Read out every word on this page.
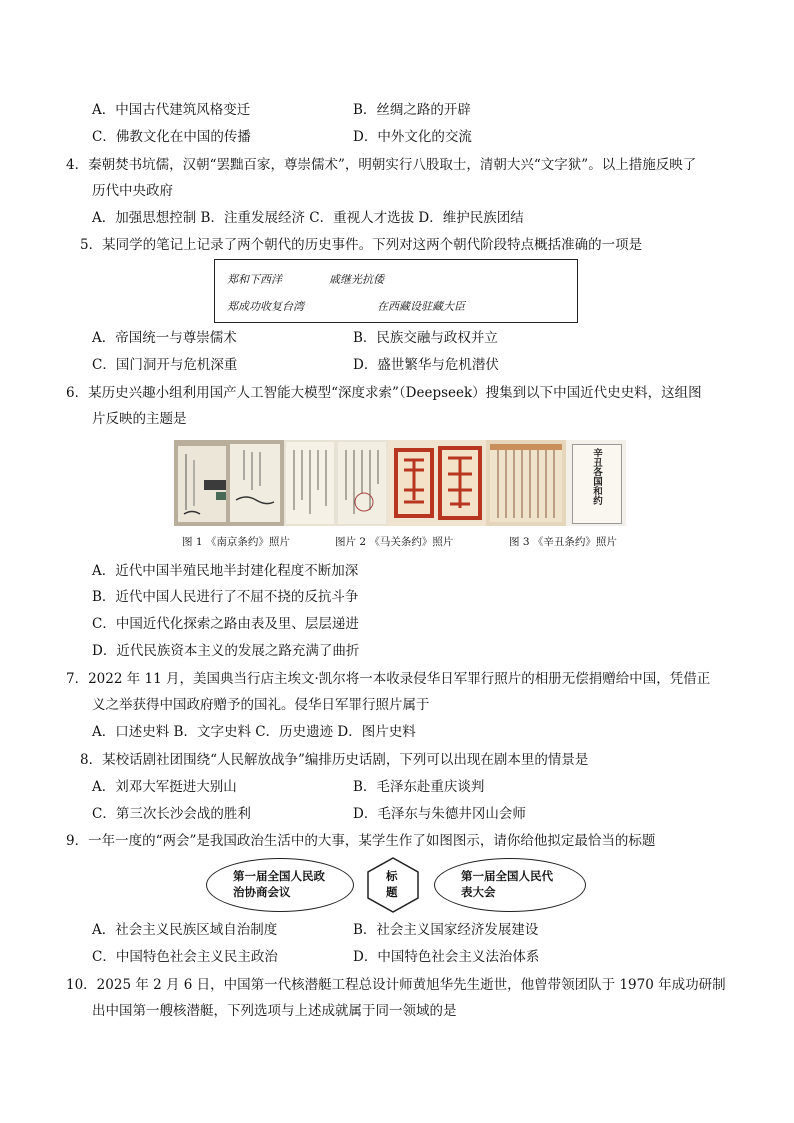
A．中国古代建筑风格变迁	B．丝绸之路的开辟
C．佛教文化在中国的传播	D．中外文化的交流
4．秦朝焚书坑儒，汉朝“罢黜百家，尊崇儒术”，明朝实行八股取士，清朝大兴“文字狱”。以上措施反映了
历代中央政府
A．加强思想控制 B．注重发展经济 C．重视人才选拔 D．维护民族团结
5．某同学的笔记上记录了两个朝代的历史事件。下列对这两个朝代阶段特点概括准确的一项是
郑和下西洋	戚继光抗倭
郑成功收复台湾	在西藏设驻藏大臣
A．帝国统一与尊崇儒术	B．民族交融与政权并立
C．国门洞开与危机深重	D．盛世繁华与危机潜伏
6．某历史兴趣小组利用国产人工智能大模型“深度求索”（Deepseek）搜集到以下中国近代史史料，这组图
片反映的主题是
辛丑各国和约
图 1 《南京条约》照片	图片 2 《马关条约》照片	图 3 《辛丑条约》照片
A．近代中国半殖民地半封建化程度不断加深
B．近代中国人民进行了不屈不挠的反抗斗争
C．中国近代化探索之路由表及里、层层递进
D．近代民族资本主义的发展之路充满了曲折
7．2022 年 11 月，美国典当行店主埃文·凯尔将一本收录侵华日军罪行照片的相册无偿捐赠给中国，凭借正
义之举获得中国政府赠予的国礼。侵华日军罪行照片属于
A．口述史料 B．文字史料 C．历史遗迹 D．图片史料
8．某校话剧社团围绕“人民解放战争”编排历史话剧，下列可以出现在剧本里的情景是
A．刘邓大军挺进大别山	B．毛泽东赴重庆谈判
C．第三次长沙会战的胜利	D．毛泽东与朱德井冈山会师
9．一年一度的“两会”是我国政治生活中的大事，某学生作了如图图示，请你给他拟定最恰当的标题
第一届全国人民政
治协商会议
标
题
第一届全国人民代
表大会
A．社会主义民族区域自治制度	B．社会主义国家经济发展建设
C．中国特色社会主义民主政治	D．中国特色社会主义法治体系
10．2025 年 2 月 6 日，中国第一代核潜艇工程总设计师黄旭华先生逝世，他曾带领团队于 1970 年成功研制
出中国第一艘核潜艇，下列选项与上述成就属于同一领域的是
